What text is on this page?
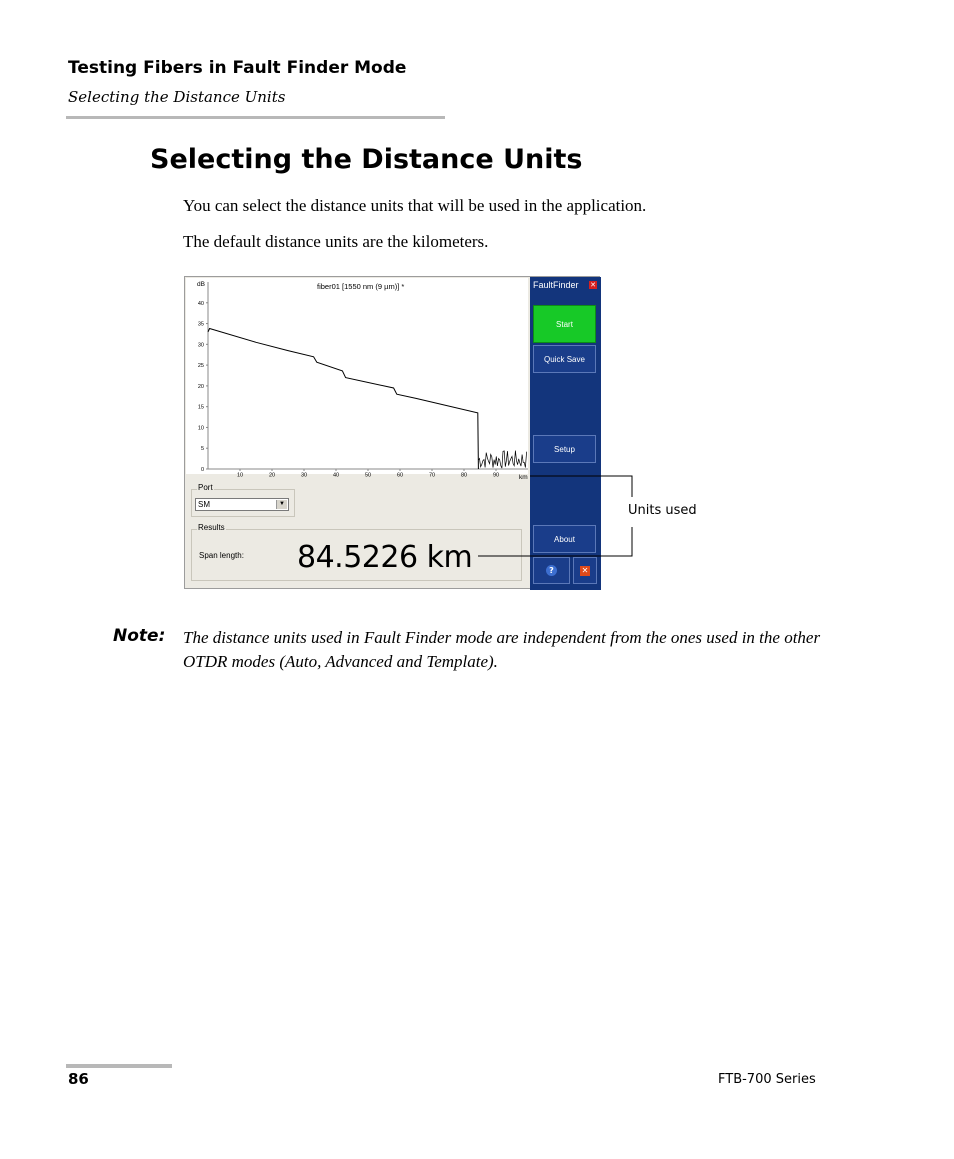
Testing Fibers in Fault Finder Mode
Selecting the Distance Units
Selecting the Distance Units
You can select the distance units that will be used in the application.
The default distance units are the kilometers.
0
5
10
15
20
25
30
35
40
10	20	30	40	50	60	70	80	90
fiber01 [1550 nm (9 µm)] *
dB
km
Port
SM	▼
Results
Span length: 84.5226 km
FaultFinder ✕
Start
Quick Save
Setup
About
?	✕
Units used
Note: The distance units used in Fault Finder mode are independent from the ones used in the other OTDR modes (Auto, Advanced and Template).
86	FTB-700 Series
